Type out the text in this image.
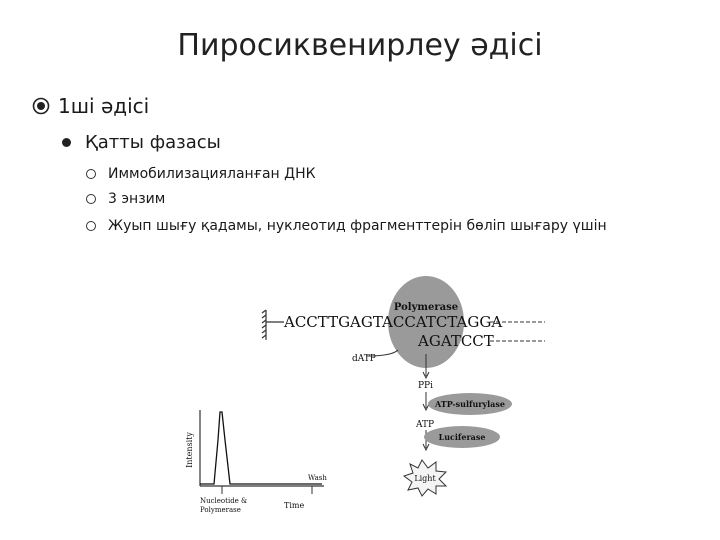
Пиросиквенирлеу әдісі
1ші әдісі
Қатты фазасы
Иммобилизацияланған ДНК
3 энзим
Жуып шығу қадамы, нуклеотид фрагменттерін бөліп шығару үшін
Polymerase
ACCTTGAGTACCATCTAGGA
AGATCCT
dATP
PPi
ATP-sulfurylase
ATP
Luciferase
Light
Intensity
Wash
Nucleotide &
Polymerase	Time
